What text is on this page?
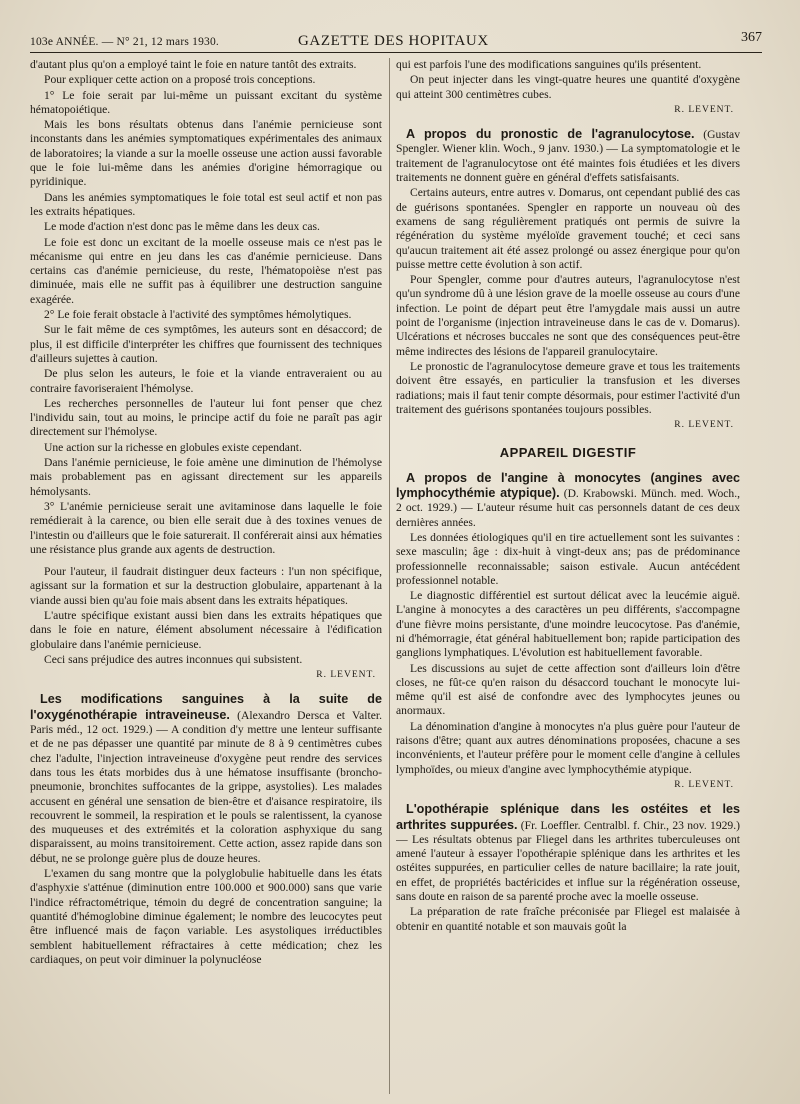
103e ANNÉE. — N° 21, 12 mars 1930.	GAZETTE DES HOPITAUX	367

d'autant plus qu'on a employé taint le foie en nature tantôt des extraits.

Pour expliquer cette action on a proposé trois conceptions.

1° Le foie serait par lui-même un puissant excitant du système hématopoiétique.

Mais les bons résultats obtenus dans l'anémie pernicieuse sont inconstants dans les anémies symptomatiques expérimentales des animaux de laboratoires; la viande a sur la moelle osseuse une action aussi favorable que le foie lui-même dans les anémies d'origine hémorragique ou pyridinique.

Dans les anémies symptomatiques le foie total est seul actif et non pas les extraits hépatiques.

Le mode d'action n'est donc pas le même dans les deux cas.

Le foie est donc un excitant de la moelle osseuse mais ce n'est pas le mécanisme qui entre en jeu dans les cas d'anémie pernicieuse. Dans certains cas d'anémie pernicieuse, du reste, l'hématopoièse n'est pas diminuée, mais elle ne suffit pas à équilibrer une destruction sanguine exagérée.

2° Le foie ferait obstacle à l'activité des symptômes hémolytiques.

Sur le fait même de ces symptômes, les auteurs sont en désaccord; de plus, il est difficile d'interpréter les chiffres que fournissent des techniques d'ailleurs sujettes à caution.

De plus selon les auteurs, le foie et la viande entraveraient ou au contraire favoriseraient l'hémolyse.

Les recherches personnelles de l'auteur lui font penser que chez l'individu sain, tout au moins, le principe actif du foie ne paraît pas agir directement sur l'hémolyse.

Une action sur la richesse en globules existe cependant.

Dans l'anémie pernicieuse, le foie amène une diminution de l'hémolyse mais probablement pas en agissant directement sur les appareils hémolysants.

3° L'anémie pernicieuse serait une avitaminose dans laquelle le foie remédierait à la carence, ou bien elle serait due à des toxines venues de l'intestin ou d'ailleurs que le foie saturerait. Il conférerait ainsi aux hématies une résistance plus grande aux agents de destruction.

Pour l'auteur, il faudrait distinguer deux facteurs : l'un non spécifique, agissant sur la formation et sur la destruction globulaire, appartenant à la viande aussi bien qu'au foie mais absent dans les extraits hépatiques.

L'autre spécifique existant aussi bien dans les extraits hépatiques que dans le foie en nature, élément absolument nécessaire à l'édification globulaire dans l'anémie pernicieuse.

Ceci sans préjudice des autres inconnues qui subsistent.

R. LEVENT.

Les modifications sanguines à la suite de l'oxygénothérapie intraveineuse. (Alexandro Dersca et Valter. Paris méd., 12 oct. 1929.) — A condition d'y mettre une lenteur suffisante et de ne pas dépasser une quantité par minute de 8 à 9 centimètres cubes chez l'adulte, l'injection intraveineuse d'oxygène peut rendre des services dans tous les états morbides dus à une hématose insuffisante (broncho-pneumonie, bronchites suffocantes de la grippe, asystolies). Les malades accusent en général une sensation de bien-être et d'aisance respiratoire, ils recouvrent le sommeil, la respiration et le pouls se ralentissent, la cyanose des muqueuses et des extrémités et la coloration asphyxique du sang disparaissent, au moins transitoirement. Cette action, assez rapide dans son début, ne se prolonge guère plus de douze heures.

L'examen du sang montre que la polyglobulie habituelle dans les états d'asphyxie s'atténue (diminution entre 100.000 et 900.000) sans que varie l'indice réfractométrique, témoin du degré de concentration sanguine; la quantité d'hémoglobine diminue également; le nombre des leucocytes peut être influencé mais de façon variable. Les asystoliques irréductibles semblent habituellement réfractaires à cette médication; chez les cardiaques, on peut voir diminuer la polynucléose

qui est parfois l'une des modifications sanguines qu'ils présentent.

On peut injecter dans les vingt-quatre heures une quantité d'oxygène qui atteint 300 centimètres cubes.

R. LEVENT.

A propos du pronostic de l'agranulocytose. (Gustav Spengler. Wiener klin. Woch., 9 janv. 1930.) — La symptomatologie et le traitement de l'agranulocytose ont été maintes fois étudiées et les divers traitements ne donnent guère en général d'effets satisfaisants.

Certains auteurs, entre autres v. Domarus, ont cependant publié des cas de guérisons spontanées. Spengler en rapporte un nouveau où des examens de sang régulièrement pratiqués ont permis de suivre la régénération du système myéloïde gravement touché; et ceci sans qu'aucun traitement ait été assez prolongé ou assez énergique pour qu'on puisse mettre cette évolution à son actif.

Pour Spengler, comme pour d'autres auteurs, l'agranulocytose n'est qu'un syndrome dû à une lésion grave de la moelle osseuse au cours d'une infection. Le point de départ peut être l'amygdale mais aussi un autre point de l'organisme (injection intraveineuse dans le cas de v. Domarus). Ulcérations et nécroses buccales ne sont que des conséquences peut-être même indirectes des lésions de l'appareil granulocytaire.

Le pronostic de l'agranulocytose demeure grave et tous les traitements doivent être essayés, en particulier la transfusion et les diverses radiations; mais il faut tenir compte désormais, pour estimer l'activité d'un traitement des guérisons spontanées toujours possibles.

R. LEVENT.
APPAREIL DIGESTIF

A propos de l'angine à monocytes (angines avec lymphocythémie atypique). (D. Krabowski. Münch. med. Woch., 2 oct. 1929.) — L'auteur résume huit cas personnels datant de ces deux dernières années.

Les données étiologiques qu'il en tire actuellement sont les suivantes : sexe masculin; âge : dix-huit à vingt-deux ans; pas de prédominance professionnelle reconnaissable; saison estivale. Aucun antécédent professionnel notable.

Le diagnostic différentiel est surtout délicat avec la leucémie aiguë. L'angine à monocytes a des caractères un peu différents, s'accompagne d'une fièvre moins persistante, d'une moindre leucocytose. Pas d'anémie, ni d'hémorragie, état général habituellement bon; rapide participation des ganglions lymphatiques. L'évolution est habituellement favorable.

Les discussions au sujet de cette affection sont d'ailleurs loin d'être closes, ne fût-ce qu'en raison du désaccord touchant le monocyte lui-même qu'il est aisé de confondre avec des lymphocytes jeunes ou anormaux.

La dénomination d'angine à monocytes n'a plus guère pour l'auteur de raisons d'être; quant aux autres dénominations proposées, chacune a ses inconvénients, et l'auteur préfère pour le moment celle d'angine à cellules lymphoïdes, ou mieux d'angine avec lymphocythémie atypique.

R. LEVENT.

L'opothérapie splénique dans les ostéites et les arthrites suppurées. (Fr. Loeffler. Centralbl. f. Chir., 23 nov. 1929.) — Les résultats obtenus par Fliegel dans les arthrites tuberculeuses ont amené l'auteur à essayer l'opothérapie splénique dans les arthrites et les ostéites suppurées, en particulier celles de nature bacillaire; la rate jouit, en effet, de propriétés bactéricides et influe sur la régénération osseuse, sans doute en raison de sa parenté proche avec la moelle osseuse.

La préparation de rate fraîche préconisée par Fliegel est malaisée à obtenir en quantité notable et son mauvais goût la
